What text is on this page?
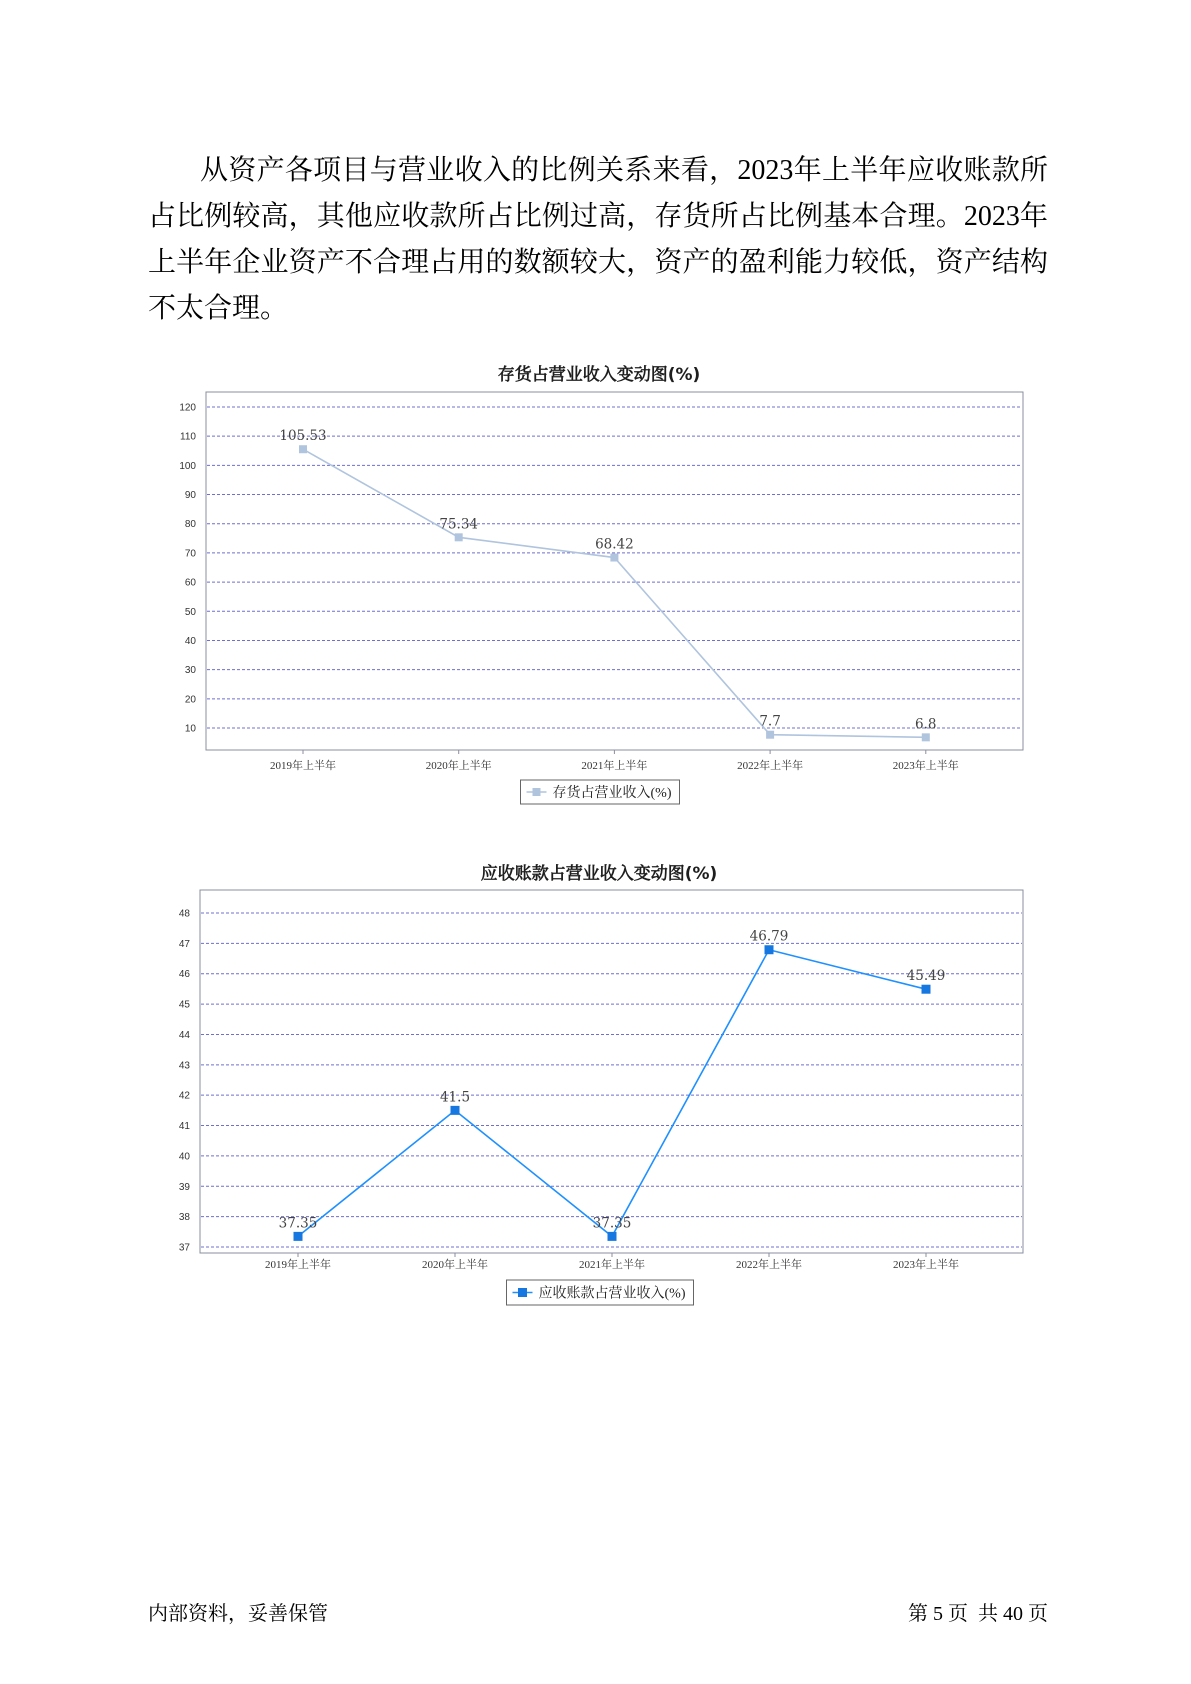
从资产各项目与营业收入的比例关系来看，2023年上半年应收账款所
占比例较高，其他应收款所占比例过高，存货所占比例基本合理。2023年
上半年企业资产不合理占用的数额较大，资产的盈利能力较低，资产结构
不太合理。
存货占营业收入变动图(%)
10
20
30
40
50
60
70
80
90
100
110
120
2019年上半年	2020年上半年	2021年上半年	2022年上半年	2023年上半年
105.53
75.34
68.42
7.7	6.8
存货占营业收入(%)
应收账款占营业收入变动图(%)
37
38
39
40
41
42
43
44
45
46
47
48
2019年上半年	2020年上半年	2021年上半年	2022年上半年	2023年上半年
37.35
41.5
37.35
46.79
45.49
应收账款占营业收入(%)
内部资料，妥善保管	第 5 页  共 40 页
